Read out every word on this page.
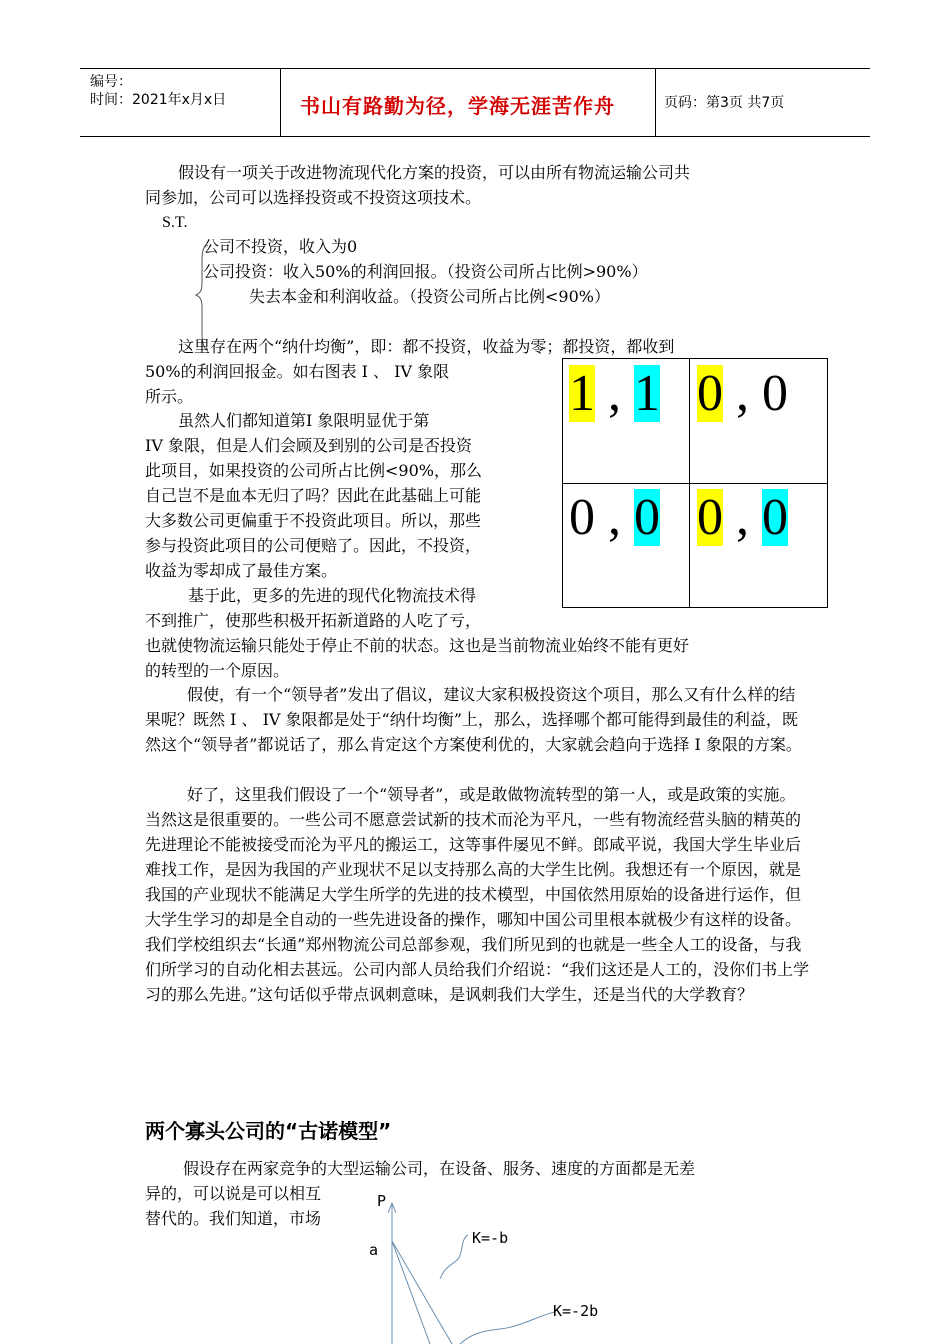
编号：
时间：2021年x月x日	书山有路勤为径，学海无涯苦作舟	页码：第3页 共7页
假设有一项关于改进物流现代化方案的投资，可以由所有物流运输公司共
同参加，公司可以选择投资或不投资这项技术。
S.T.
公司不投资，收入为0
公司投资：收入50%的利润回报。（投资公司所占比例>90%）
失去本金和利润收益。（投资公司所占比例<90%）
这里存在两个“纳什均衡”，即：都不投资，收益为零；都投资，都收到
50%的利润回报金。如右图表 I 、 IV 象限
所示。
虽然人们都知道第I 象限明显优于第
IV 象限，但是人们会顾及到别的公司是否投资
此项目，如果投资的公司所占比例<90%，那么
自己岂不是血本无归了吗？因此在此基础上可能
大多数公司更偏重于不投资此项目。所以，那些
参与投资此项目的公司便赔了。因此，不投资，
收益为零却成了最佳方案。
基于此，更多的先进的现代化物流技术得
不到推广，使那些积极开拓新道路的人吃了亏，
也就使物流运输只能处于停止不前的状态。这也是当前物流业始终不能有更好
的转型的一个原因。
1 , 1 0 , 0
0 , 0 0 , 0

假使，有一个“领导者”发出了倡议，建议大家积极投资这个项目，那么又有什么样的结果呢？既然 I 、 IV 象限都是处于“纳什均衡”上，那么，选择哪个都可能得到最佳的利益，既然这个“领导者”都说话了，那么肯定这个方案使利优的，大家就会趋向于选择 I 象限的方案。

好了，这里我们假设了一个“领导者”，或是敢做物流转型的第一人，或是政策的实施。当然这是很重要的。一些公司不愿意尝试新的技术而沦为平凡，一些有物流经营头脑的精英的先进理论不能被接受而沦为平凡的搬运工，这等事件屡见不鲜。郎咸平说，我国大学生毕业后难找工作，是因为我国的产业现状不足以支持那么高的大学生比例。我想还有一个原因，就是我国的产业现状不能满足大学生所学的先进的技术模型，中国依然用原始的设备进行运作，但大学生学习的却是全自动的一些先进设备的操作，哪知中国公司里根本就极少有这样的设备。我们学校组织去“长通”郑州物流公司总部参观，我们所见到的也就是一些全人工的设备，与我们所学习的自动化相去甚远。公司内部人员给我们介绍说：“我们这还是人工的，没你们书上学习的那么先进。”这句话似乎带点讽刺意味，是讽刺我们大学生，还是当代的大学教育？

两个寡头公司的“古诺模型”
假设存在两家竞争的大型运输公司，在设备、服务、速度的方面都是无差
异的，可以说是可以相互
替代的。我们知道，市场
P
a
K=-b
K=-2b
